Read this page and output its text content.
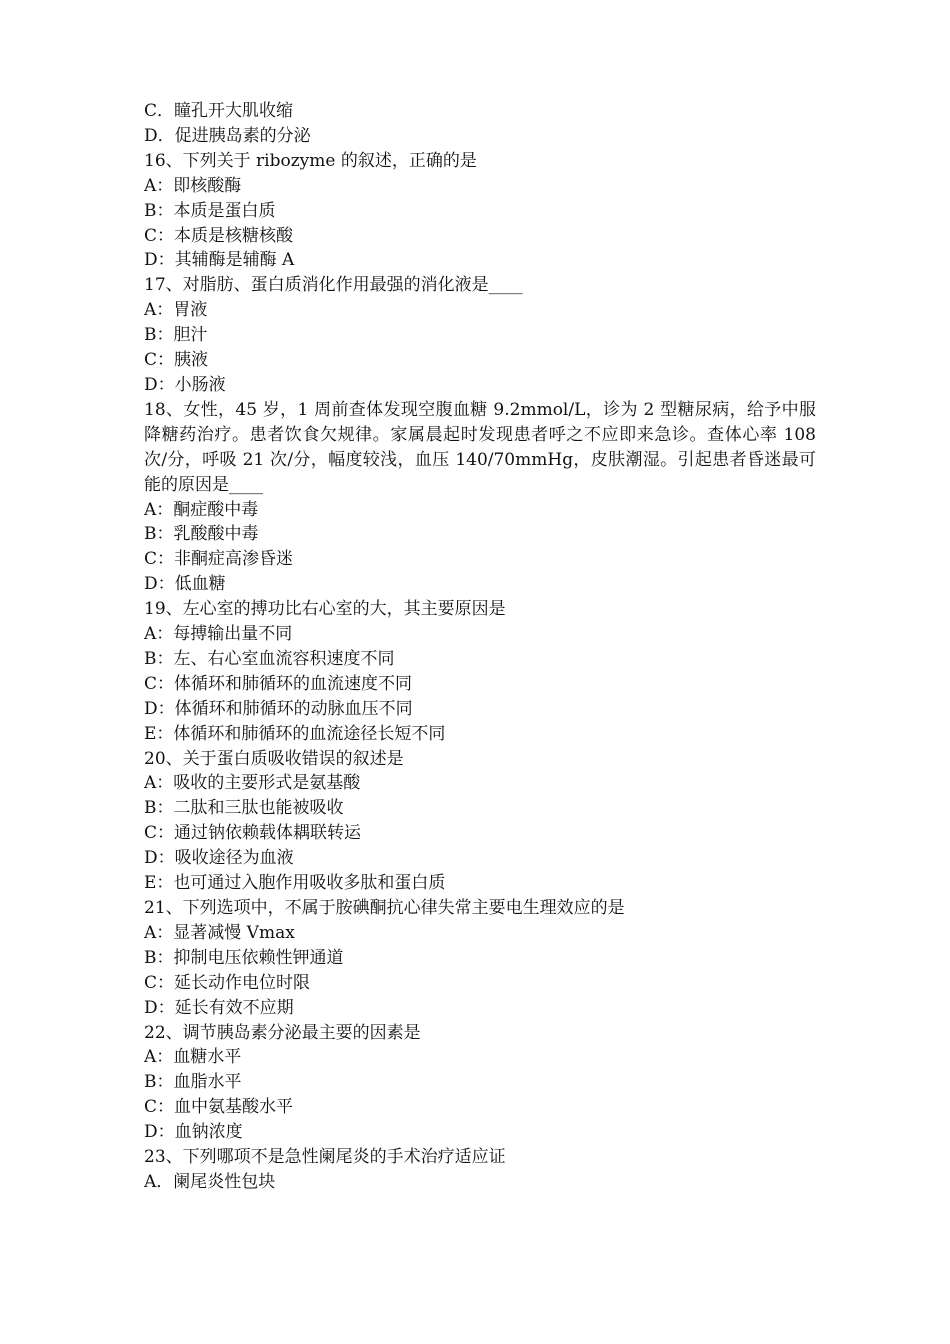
C．瞳孔开大肌收缩
D．促进胰岛素的分泌
16、下列关于 ribozyme 的叙述，正确的是
A：即核酸酶
B：本质是蛋白质
C：本质是核糖核酸
D：其辅酶是辅酶 A
17、对脂肪、蛋白质消化作用最强的消化液是____
A：胃液
B：胆汁
C：胰液
D：小肠液
18、女性，45 岁，1 周前查体发现空腹血糖 9.2mmol/L，诊为 2 型糖尿病，给予中服降糖药治疗。患者饮食欠规律。家属晨起时发现患者呼之不应即来急诊。查体心率 108 次/分，呼吸 21 次/分，幅度较浅，血压 140/70mmHg，皮肤潮湿。引起患者昏迷最可能的原因是____
A：酮症酸中毒
B：乳酸酸中毒
C：非酮症高渗昏迷
D：低血糖
19、左心室的搏功比右心室的大，其主要原因是
A：每搏输出量不同
B：左、右心室血流容积速度不同
C：体循环和肺循环的血流速度不同
D：体循环和肺循环的动脉血压不同
E：体循环和肺循环的血流途径长短不同
20、关于蛋白质吸收错误的叙述是
A：吸收的主要形式是氨基酸
B：二肽和三肽也能被吸收
C：通过钠依赖载体耦联转运
D：吸收途径为血液
E：也可通过入胞作用吸收多肽和蛋白质
21、下列选项中，不属于胺碘酮抗心律失常主要电生理效应的是
A：显著减慢 Vmax
B：抑制电压依赖性钾通道
C：延长动作电位时限
D：延长有效不应期
22、调节胰岛素分泌最主要的因素是
A：血糖水平
B：血脂水平
C：血中氨基酸水平
D：血钠浓度
23、下列哪项不是急性阑尾炎的手术治疗适应证
A．阑尾炎性包块
